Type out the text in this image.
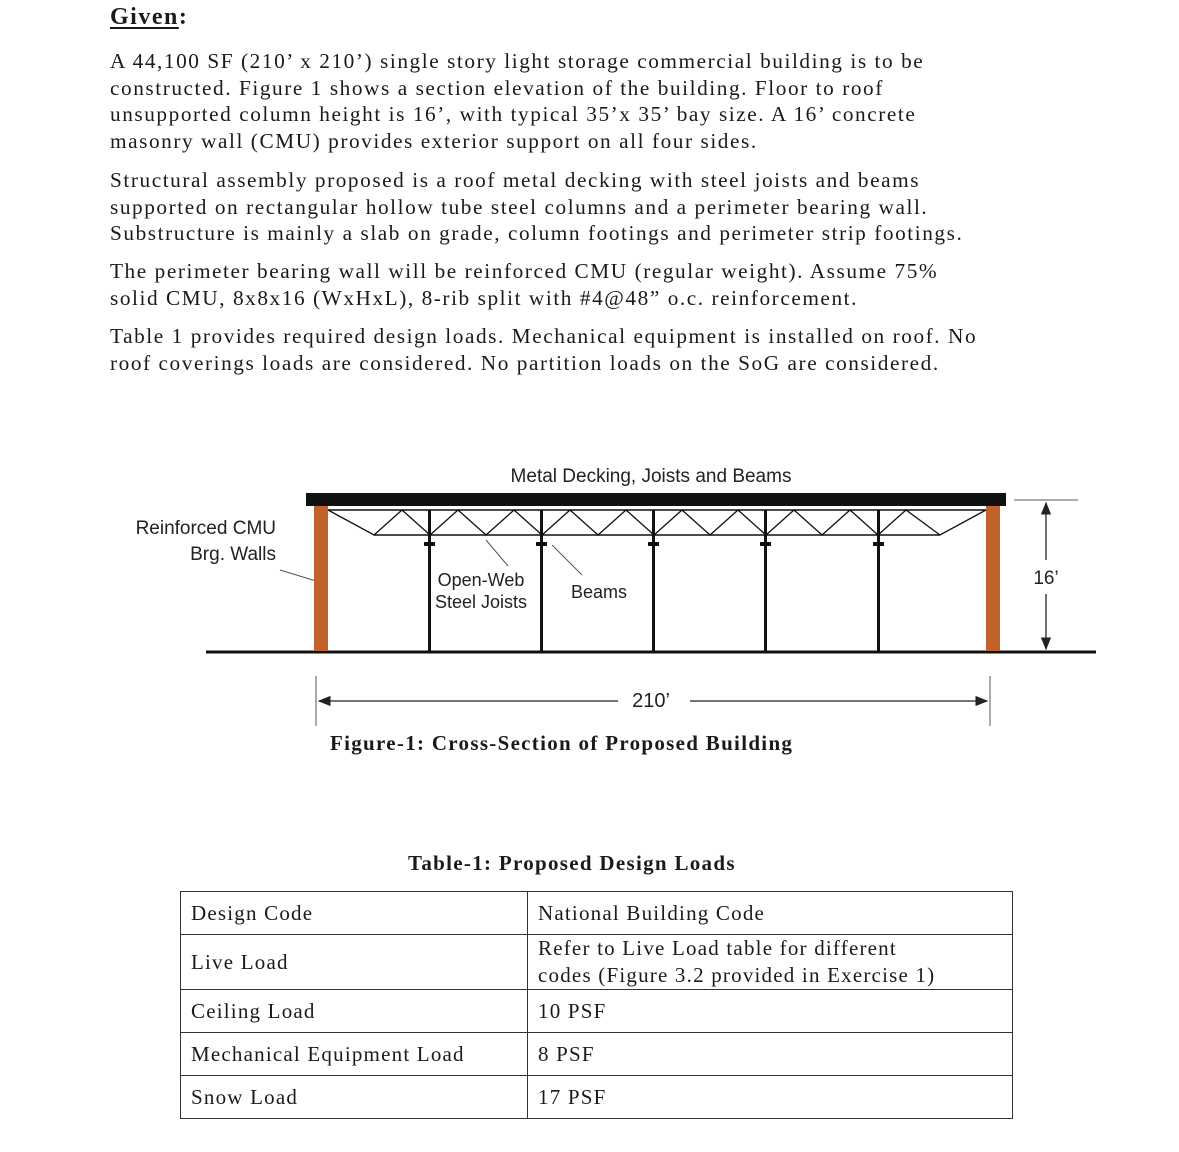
Given:

A 44,100 SF (210’ x 210’) single story light storage commercial building is to be
constructed. Figure 1 shows a section elevation of the building. Floor to roof
unsupported column height is 16’, with typical 35’x 35’ bay size. A 16’ concrete
masonry wall (CMU) provides exterior support on all four sides.

Structural assembly proposed is a roof metal decking with steel joists and beams
supported on rectangular hollow tube steel columns and a perimeter bearing wall.
Substructure is mainly a slab on grade, column footings and perimeter strip footings.

The perimeter bearing wall will be reinforced CMU (regular weight). Assume 75%
solid CMU, 8x8x16 (WxHxL), 8-rib split with #4@48” o.c. reinforcement.

Table 1 provides required design loads. Mechanical equipment is installed on roof. No
roof coverings loads are considered. No partition loads on the SoG are considered.

Metal Decking, Joists and Beams
Reinforced CMU
Brg. Walls
Open-Web
Steel Joists Beams
16’
210’

Figure-1: Cross-Section of Proposed Building

Table-1: Proposed Design Loads

Design Code	National Building Code
Live Load	Refer to Live Load table for different
codes (Figure 3.2 provided in Exercise 1)
Ceiling Load	10 PSF
Mechanical Equipment Load	8 PSF
Snow Load	17 PSF
